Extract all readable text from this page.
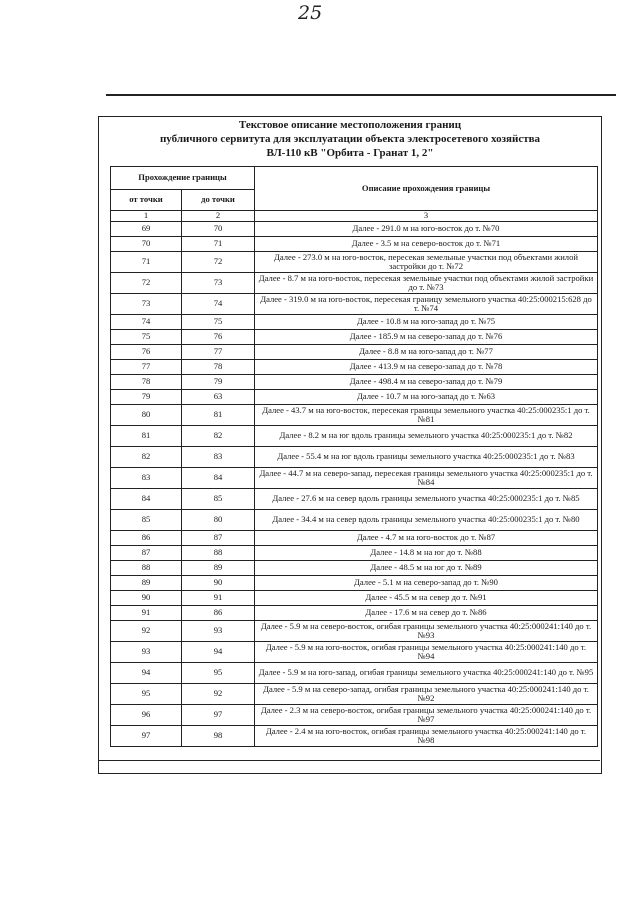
25
Текстовое описание местоположения границ
публичного сервитута для эксплуатации объекта электросетевого хозяйства
ВЛ-110 кВ "Орбита - Гранат 1, 2"
Прохождение границы		Описание прохождения границы
от точки	до точки	
1	2	3
69	70	Далее - 291.0 м на юго-восток до т. №70
70	71	Далее - 3.5 м на северо-восток до т. №71
71	72	Далее - 273.0 м на юго-восток, пересекая земельные участки под объектами жилой застройки до т. №72
72	73	Далее - 8.7 м на юго-восток, пересекая земельные участки под объектами жилой застройки до т. №73
73	74	Далее - 319.0 м на юго-восток, пересекая границу земельного участка 40:25:000215:628 до т. №74
74	75	Далее - 10.8 м на юго-запад до т. №75
75	76	Далее - 185.9 м на северо-запад до т. №76
76	77	Далее - 8.8 м на юго-запад до т. №77
77	78	Далее - 413.9 м на северо-запад до т. №78
78	79	Далее - 498.4 м на северо-запад до т. №79
79	63	Далее - 10.7 м на юго-запад до т. №63
80	81	Далее - 43.7 м на юго-восток, пересекая границы земельного участка 40:25:000235:1 до т. №81
81	82	Далее - 8.2 м на юг вдоль границы земельного участка 40:25:000235:1 до т. №82
82	83	Далее - 55.4 м на юг вдоль границы земельного участка 40:25:000235:1 до т. №83
83	84	Далее - 44.7 м на северо-запад, пересекая границы земельного участка 40:25:000235:1 до т. №84
84	85	Далее - 27.6 м на север вдоль границы земельного участка 40:25:000235:1 до т. №85
85	80	Далее - 34.4 м на север вдоль границы земельного участка 40:25:000235:1 до т. №80
86	87	Далее - 4.7 м на юго-восток до т. №87
87	88	Далее - 14.8 м на юг до т. №88
88	89	Далее - 48.5 м на юг до т. №89
89	90	Далее - 5.1 м на северо-запад до т. №90
90	91	Далее - 45.5 м на север до т. №91
91	86	Далее - 17.6 м на север до т. №86
92	93	Далее - 5.9 м на северо-восток, огибая границы земельного участка 40:25:000241:140 до т. №93
93	94	Далее - 5.9 м на юго-восток, огибая границы земельного участка 40:25:000241:140 до т. №94
94	95	Далее - 5.9 м на юго-запад, огибая границы земельного участка 40:25:000241:140 до т. №95
95	92	Далее - 5.9 м на северо-запад, огибая границы земельного участка 40:25:000241:140 до т. №92
96	97	Далее - 2.3 м на северо-восток, огибая границы земельного участка 40:25:000241:140 до т. №97
97	98	Далее - 2.4 м на юго-восток, огибая границы земельного участка 40:25:000241:140 до т. №98
